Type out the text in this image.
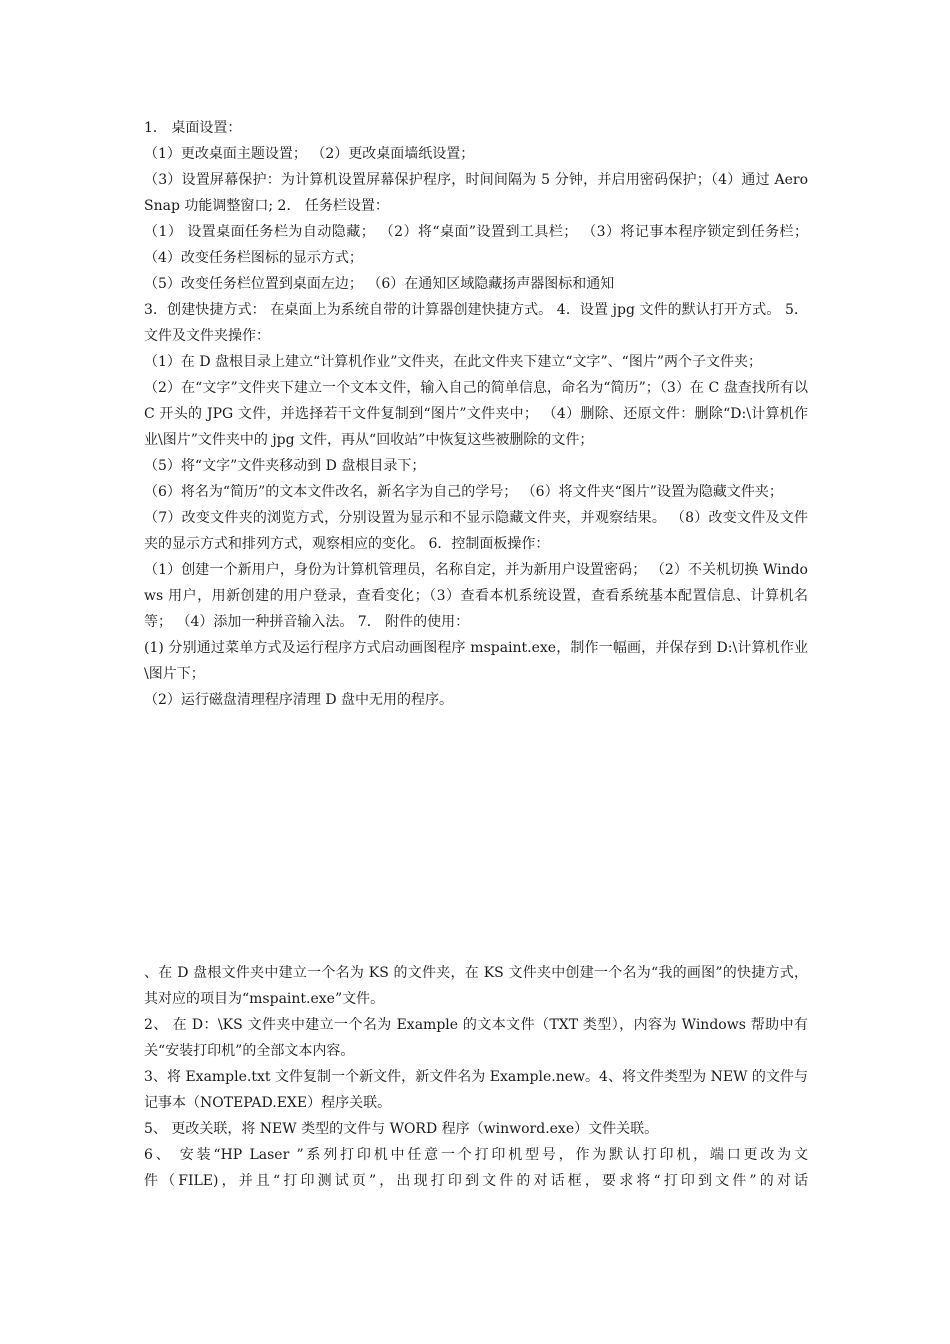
1． 桌面设置：

（1）更改桌面主题设置； （2）更改桌面墙纸设置；

（3）设置屏幕保护：为计算机设置屏幕保护程序，时间间隔为 5 分钟，并启用密码保护；（4）通过 Aero Snap 功能调整窗口; 2． 任务栏设置：

（1） 设置桌面任务栏为自动隐藏； （2）将“桌面”设置到工具栏； （3）将记事本程序锁定到任务栏； （4）改变任务栏图标的显示方式；

（5）改变任务栏位置到桌面左边； （6）在通知区域隐藏扬声器图标和通知

3．创建快捷方式： 在桌面上为系统自带的计算器创建快捷方式。 4．设置 jpg 文件的默认打开方式。 5．文件及文件夹操作：

（1）在 D 盘根目录上建立“计算机作业”文件夹，在此文件夹下建立“文字”、“图片”两个子文件夹；

（2）在“文字”文件夹下建立一个文本文件，输入自己的简单信息，命名为“简历”；（3）在 C 盘查找所有以 C 开头的 JPG 文件，并选择若干文件复制到“图片”文件夹中； （4）删除、还原文件：删除“D:\计算机作业\图片”文件夹中的 jpg 文件，再从“回收站”中恢复这些被删除的文件；

（5）将“文字”文件夹移动到 D 盘根目录下；

（6）将名为“简历”的文本文件改名，新名字为自己的学号； （6）将文件夹“图片”设置为隐藏文件夹；

（7）改变文件夹的浏览方式，分别设置为显示和不显示隐藏文件夹，并观察结果。 （8）改变文件及文件夹的显示方式和排列方式，观察相应的变化。 6．控制面板操作：

（1）创建一个新用户，身份为计算机管理员，名称自定，并为新用户设置密码； （2）不关机切换 Windows 用户，用新创建的用户登录，查看变化；（3）查看本机系统设置，查看系统基本配置信息、计算机名等； （4）添加一种拼音输入法。 7． 附件的使用：

(1) 分别通过菜单方式及运行程序方式启动画图程序 mspaint.exe，制作一幅画，并保存到 D:\计算机作业\图片下；

（2）运行磁盘清理程序清理 D 盘中无用的程序。

、在 D 盘根文件夹中建立一个名为 KS 的文件夹，在 KS 文件夹中创建一个名为“我的画图”的快捷方式，其对应的项目为“mspaint.exe”文件。

2、 在 D：\KS 文件夹中建立一个名为 Example 的文本文件（TXT 类型），内容为 Windows 帮助中有关“安装打印机”的全部文本内容。

3、将 Example.txt 文件复制一个新文件，新文件名为 Example.new。4、将文件类型为 NEW 的文件与记事本（NOTEPAD.EXE）程序关联。

5、 更改关联，将 NEW 类型的文件与 WORD 程序（winword.exe）文件关联。

6、 安装“HP Laser ”系列打印机中任意一个打印机型号，作为默认打印机，端口更改为文

件（FILE)，并且“打印测试页”，出现打印到文件的对话框，要求将“打印到文件”的对话
